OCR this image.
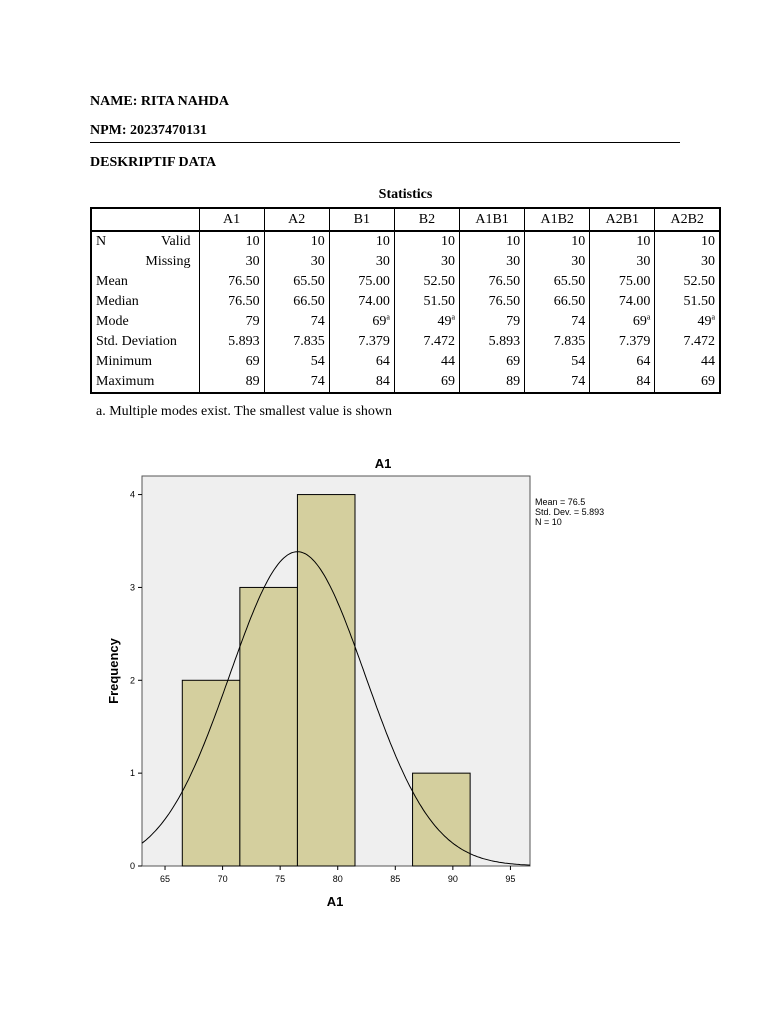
NAME: RITA NAHDA
NPM: 20237470131
DESKRIPTIF DATA
Statistics
		A1	A2	B1	B2	A1B1	A1B2	A2B1	A2B2
N	Valid	10	10	10	10	10	10	10	10
	Missing	30	30	30	30	30	30	30	30
Mean		76.50	65.50	75.00	52.50	76.50	65.50	75.00	52.50
Median		76.50	66.50	74.00	51.50	76.50	66.50	74.00	51.50
Mode		79	74	69$^a$	49$^a$	79	74	69$^a$	49$^a$
Std. Deviation		5.893	7.835	7.379	7.472	5.893	7.835	7.379	7.472
Minimum		69	54	64	44	69	54	64	44
Maximum		89	74	84	69	89	74	84	69
a. Multiple modes exist. The smallest value is shown
A1
65	70	75	80	85	90	95
0
1
2
3
4
A1
Frequency
Mean = 76.5
Std. Dev. = 5.893
N = 10
